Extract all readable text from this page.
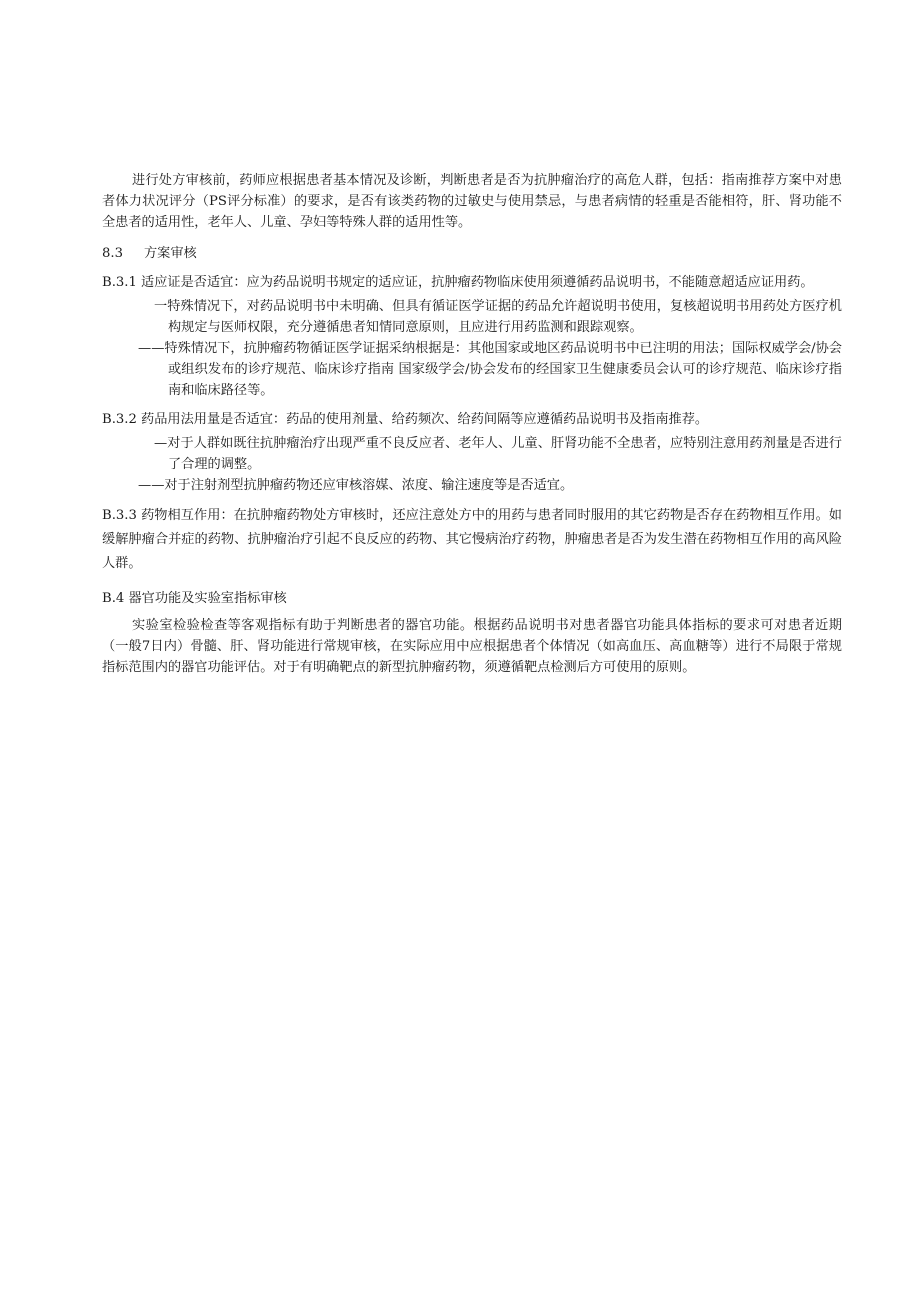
进行处方审核前，药师应根据患者基本情况及诊断，判断患者是否为抗肿瘤治疗的高危人群，包括：指南推荐方案中对患者体力状况评分（PS评分标准）的要求，是否有该类药物的过敏史与使用禁忌，与患者病情的轻重是否能相符，肝、肾功能不全患者的适用性，老年人、儿童、孕妇等特殊人群的适用性等。

8.3 方案审核

B.3.1 适应证是否适宜：应为药品说明书规定的适应证，抗肿瘤药物临床使用须遵循药品说明书，不能随意超适应证用药。

一特殊情况下，对药品说明书中未明确、但具有循证医学证据的药品允许超说明书使用，复核超说明书用药处方医疗机构规定与医师权限，充分遵循患者知情同意原则，且应进行用药监测和跟踪观察。

——特殊情况下，抗肿瘤药物循证医学证据采纳根据是：其他国家或地区药品说明书中已注明的用法；国际权威学会/协会或组织发布的诊疗规范、临床诊疗指南 国家级学会/协会发布的经国家卫生健康委员会认可的诊疗规范、临床诊疗指南和临床路径等。

B.3.2 药品用法用量是否适宜：药品的使用剂量、给药频次、给药间隔等应遵循药品说明书及指南推荐。

—对于人群如既往抗肿瘤治疗出现严重不良反应者、老年人、儿童、肝肾功能不全患者，应特别注意用药剂量是否进行了合理的调整。

——对于注射剂型抗肿瘤药物还应审核溶媒、浓度、输注速度等是否适宜。

B.3.3 药物相互作用：在抗肿瘤药物处方审核时，还应注意处方中的用药与患者同时服用的其它药物是否存在药物相互作用。如缓解肿瘤合并症的药物、抗肿瘤治疗引起不良反应的药物、其它慢病治疗药物，肿瘤患者是否为发生潜在药物相互作用的高风险人群。

B.4 器官功能及实验室指标审核

实验室检验检查等客观指标有助于判断患者的器官功能。根据药品说明书对患者器官功能具体指标的要求可对患者近期（一般7日内）骨髓、肝、肾功能进行常规审核，在实际应用中应根据患者个体情况（如高血压、高血糖等）进行不局限于常规指标范围内的器官功能评估。对于有明确靶点的新型抗肿瘤药物，须遵循靶点检测后方可使用的原则。
